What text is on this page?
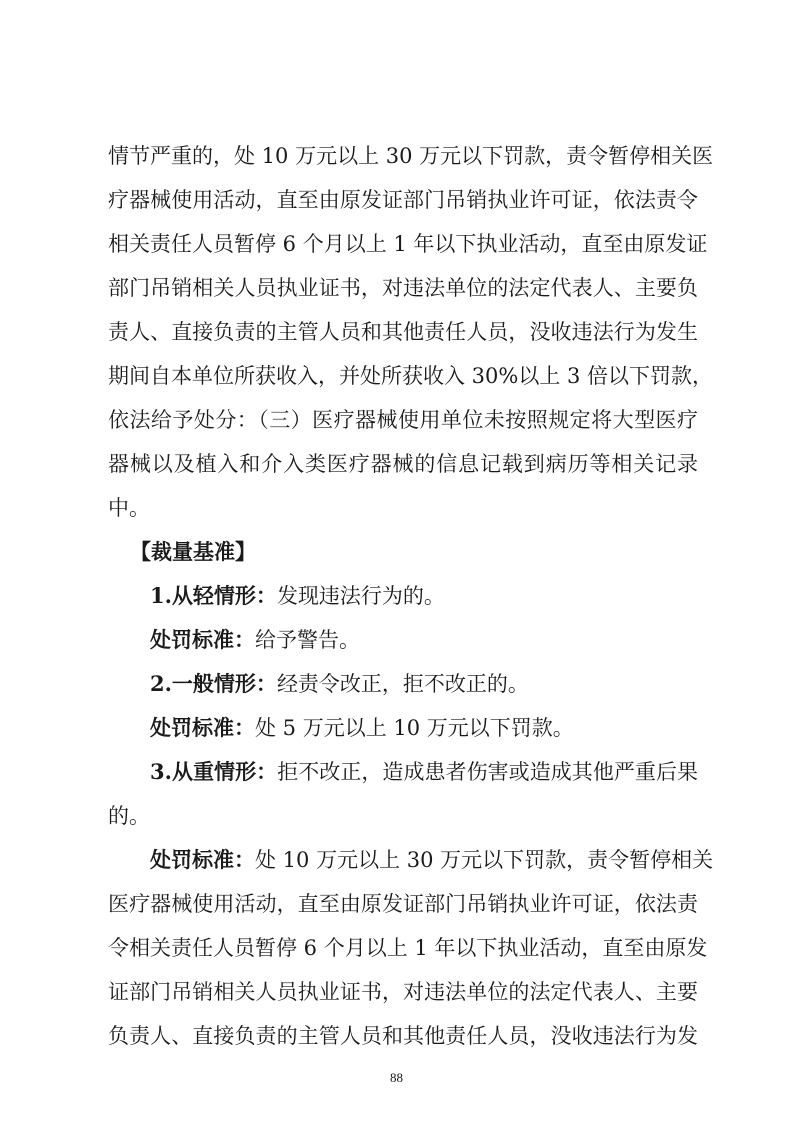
情节严重的，处 10 万元以上 30 万元以下罚款，责令暂停相关医
疗器械使用活动，直至由原发证部门吊销执业许可证，依法责令
相关责任人员暂停 6 个月以上 1 年以下执业活动，直至由原发证
部门吊销相关人员执业证书，对违法单位的法定代表人、主要负
责人、直接负责的主管人员和其他责任人员，没收违法行为发生
期间自本单位所获收入，并处所获收入 30%以上 3 倍以下罚款，
依法给予处分：（三）医疗器械使用单位未按照规定将大型医疗
器械以及植入和介入类医疗器械的信息记载到病历等相关记录
中。
【裁量基准】
1.从轻情形：发现违法行为的。
处罚标准：给予警告。
2.一般情形：经责令改正，拒不改正的。
处罚标准：处 5 万元以上 10 万元以下罚款。
3.从重情形：拒不改正，造成患者伤害或造成其他严重后果
的。
处罚标准：处 10 万元以上 30 万元以下罚款，责令暂停相关
医疗器械使用活动，直至由原发证部门吊销执业许可证，依法责
令相关责任人员暂停 6 个月以上 1 年以下执业活动，直至由原发
证部门吊销相关人员执业证书，对违法单位的法定代表人、主要
负责人、直接负责的主管人员和其他责任人员，没收违法行为发
88
